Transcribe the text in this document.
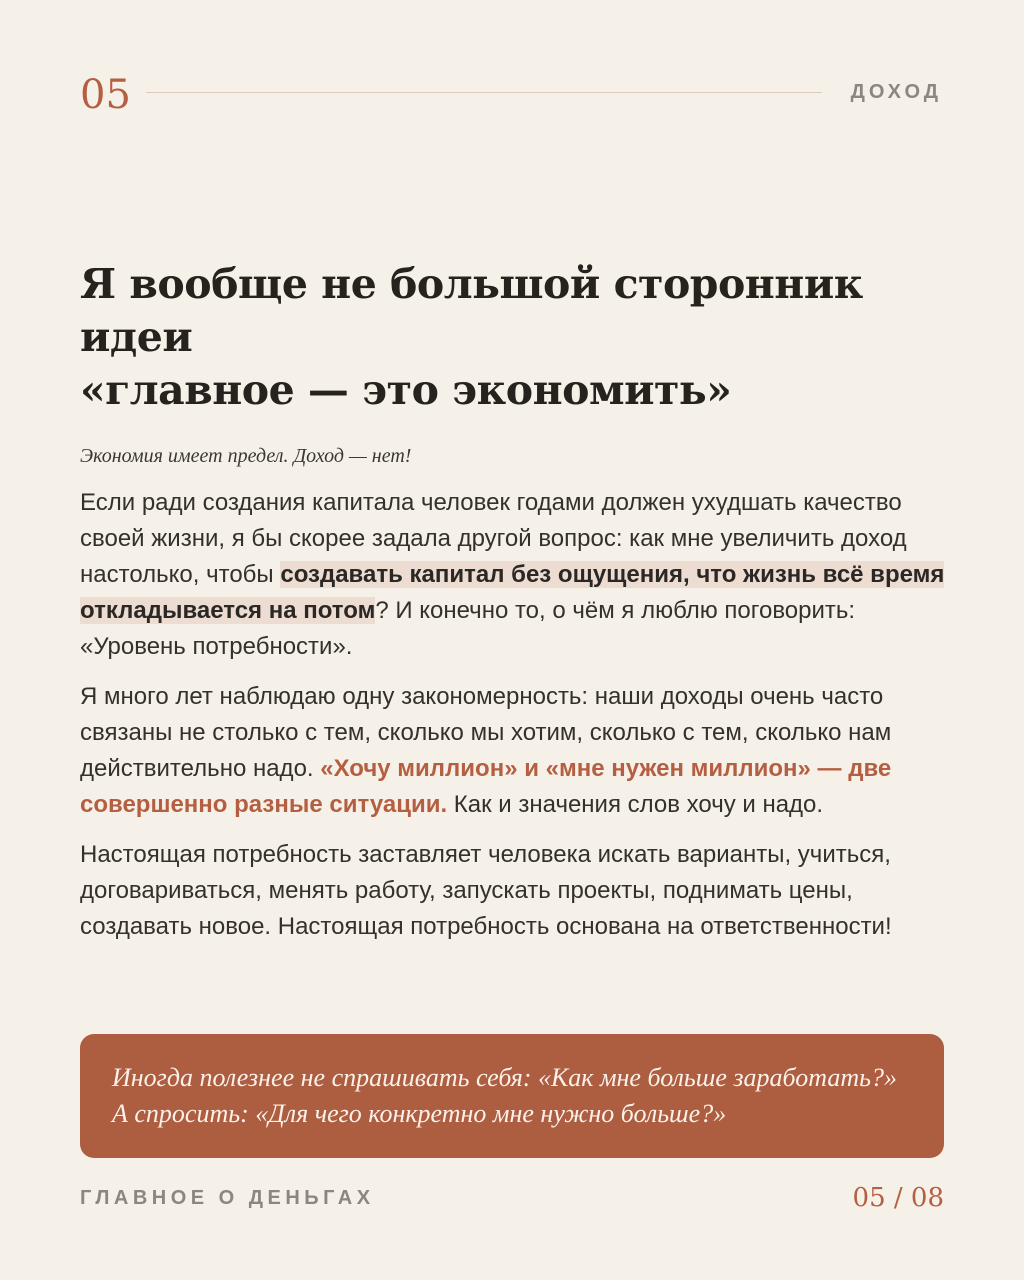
05	ДОХОД
Я вообще не большой сторонник идеи
«главное — это экономить»
Экономия имеет предел. Доход — нет!

Если ради создания капитала человек годами должен ухудшать качество своей жизни, я бы скорее задала другой вопрос: как мне увеличить доход настолько, чтобы создавать капитал без ощущения, что жизнь всё время откладывается на потом? И конечно то, о чём я люблю поговорить: «Уровень потребности».

Я много лет наблюдаю одну закономерность: наши доходы очень часто связаны не столько с тем, сколько мы хотим, сколько с тем, сколько нам действительно надо. «Хочу миллион» и «мне нужен миллион» — две совершенно разные ситуации. Как и значения слов хочу и надо.

Настоящая потребность заставляет человека искать варианты, учиться, договариваться, менять работу, запускать проекты, поднимать цены, создавать новое. Настоящая потребность основана на ответственности!

Иногда полезнее не спрашивать себя: «Как мне больше заработать?» А спросить: «Для чего конкретно мне нужно больше?»
ГЛАВНОЕ О ДЕНЬГАХ	05 / 08
